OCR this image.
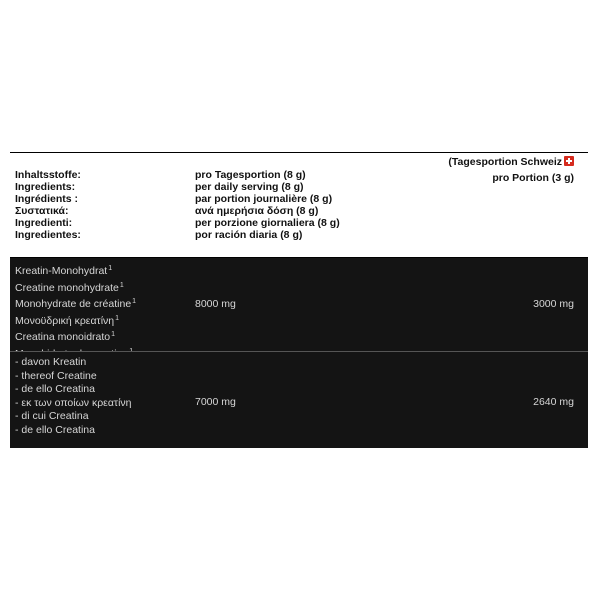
Inhaltsstoffe:
Ingredients:
Ingrédients :
Συστατικά:
Ingredienti:
Ingredientes:
pro Tagesportion (8 g)
per daily serving (8 g)
par portion journalière (8 g)
ανά ημερήσια δόση (8 g)
per porzione giornaliera (8 g)
por ración diaria (8 g)
(Tagesportion Schweiz
pro Portion (3 g)
Kreatin-Monohydrat$^1$
Creatine monohydrate$^1$
Monohydrate de créatine$^1$
Μονοϋδρική κρεατίνη$^1$
Creatina monoidrato$^1$
8000 mg	3000 mg
- davon Kreatin
- thereof Creatine
- de ello Creatina
- εκ των οποίων κρεατίνη
- di cui Creatina
- de ello Creatina
7000 mg	2640 mg
